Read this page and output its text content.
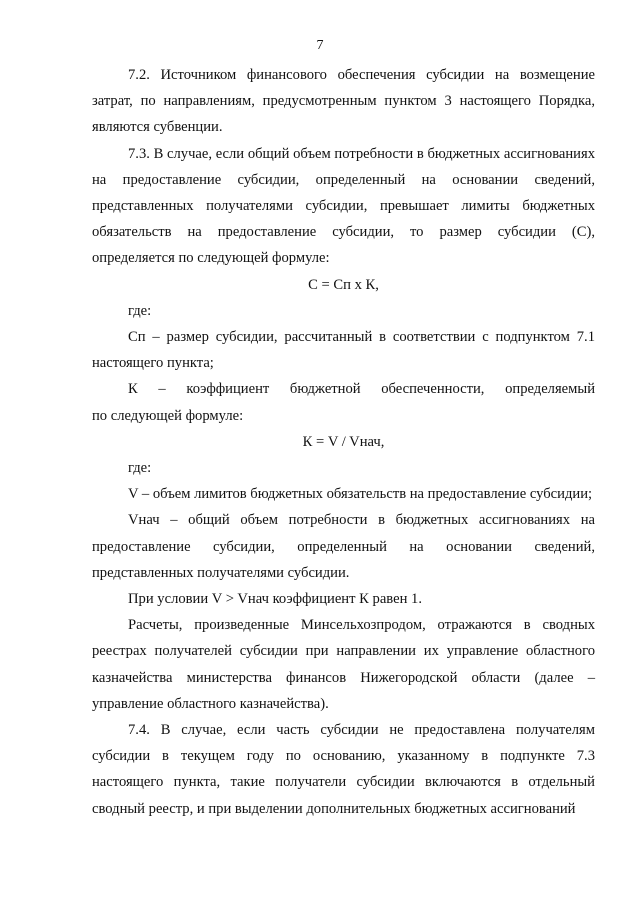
7

7.2. Источником финансового обеспечения субсидии на возмещение затрат, по направлениям, предусмотренным пунктом 3 настоящего Порядка, являются субвенции.

7.3. В случае, если общий объем потребности в бюджетных ассигнованиях на предоставление субсидии, определенный на основании сведений, представленных получателями субсидии, превышает лимиты бюджетных обязательств на предоставление субсидии, то размер субсидии (С), определяется по следующей формуле:

С = Сп х К,

где:

Сп – размер субсидии, рассчитанный в соответствии с подпунктом 7.1 настоящего пункта;

К – коэффициент бюджетной обеспеченности, определяемый

по следующей формуле:

К = V / Vнач,

где:

V – объем лимитов бюджетных обязательств на предоставление субсидии;

Vнач – общий объем потребности в бюджетных ассигнованиях на предоставление субсидии, определенный на основании сведений, представленных получателями субсидии.

При условии V > Vнач коэффициент К равен 1.

Расчеты, произведенные Минсельхозпродом, отражаются в сводных реестрах получателей субсидии при направлении их управление областного казначейства министерства финансов Нижегородской области (далее – управление областного казначейства).

7.4. В случае, если часть субсидии не предоставлена получателям субсидии в текущем году по основанию, указанному в подпункте 7.3 настоящего пункта, такие получатели субсидии включаются в отдельный сводный реестр, и при выделении дополнительных бюджетных ассигнований
